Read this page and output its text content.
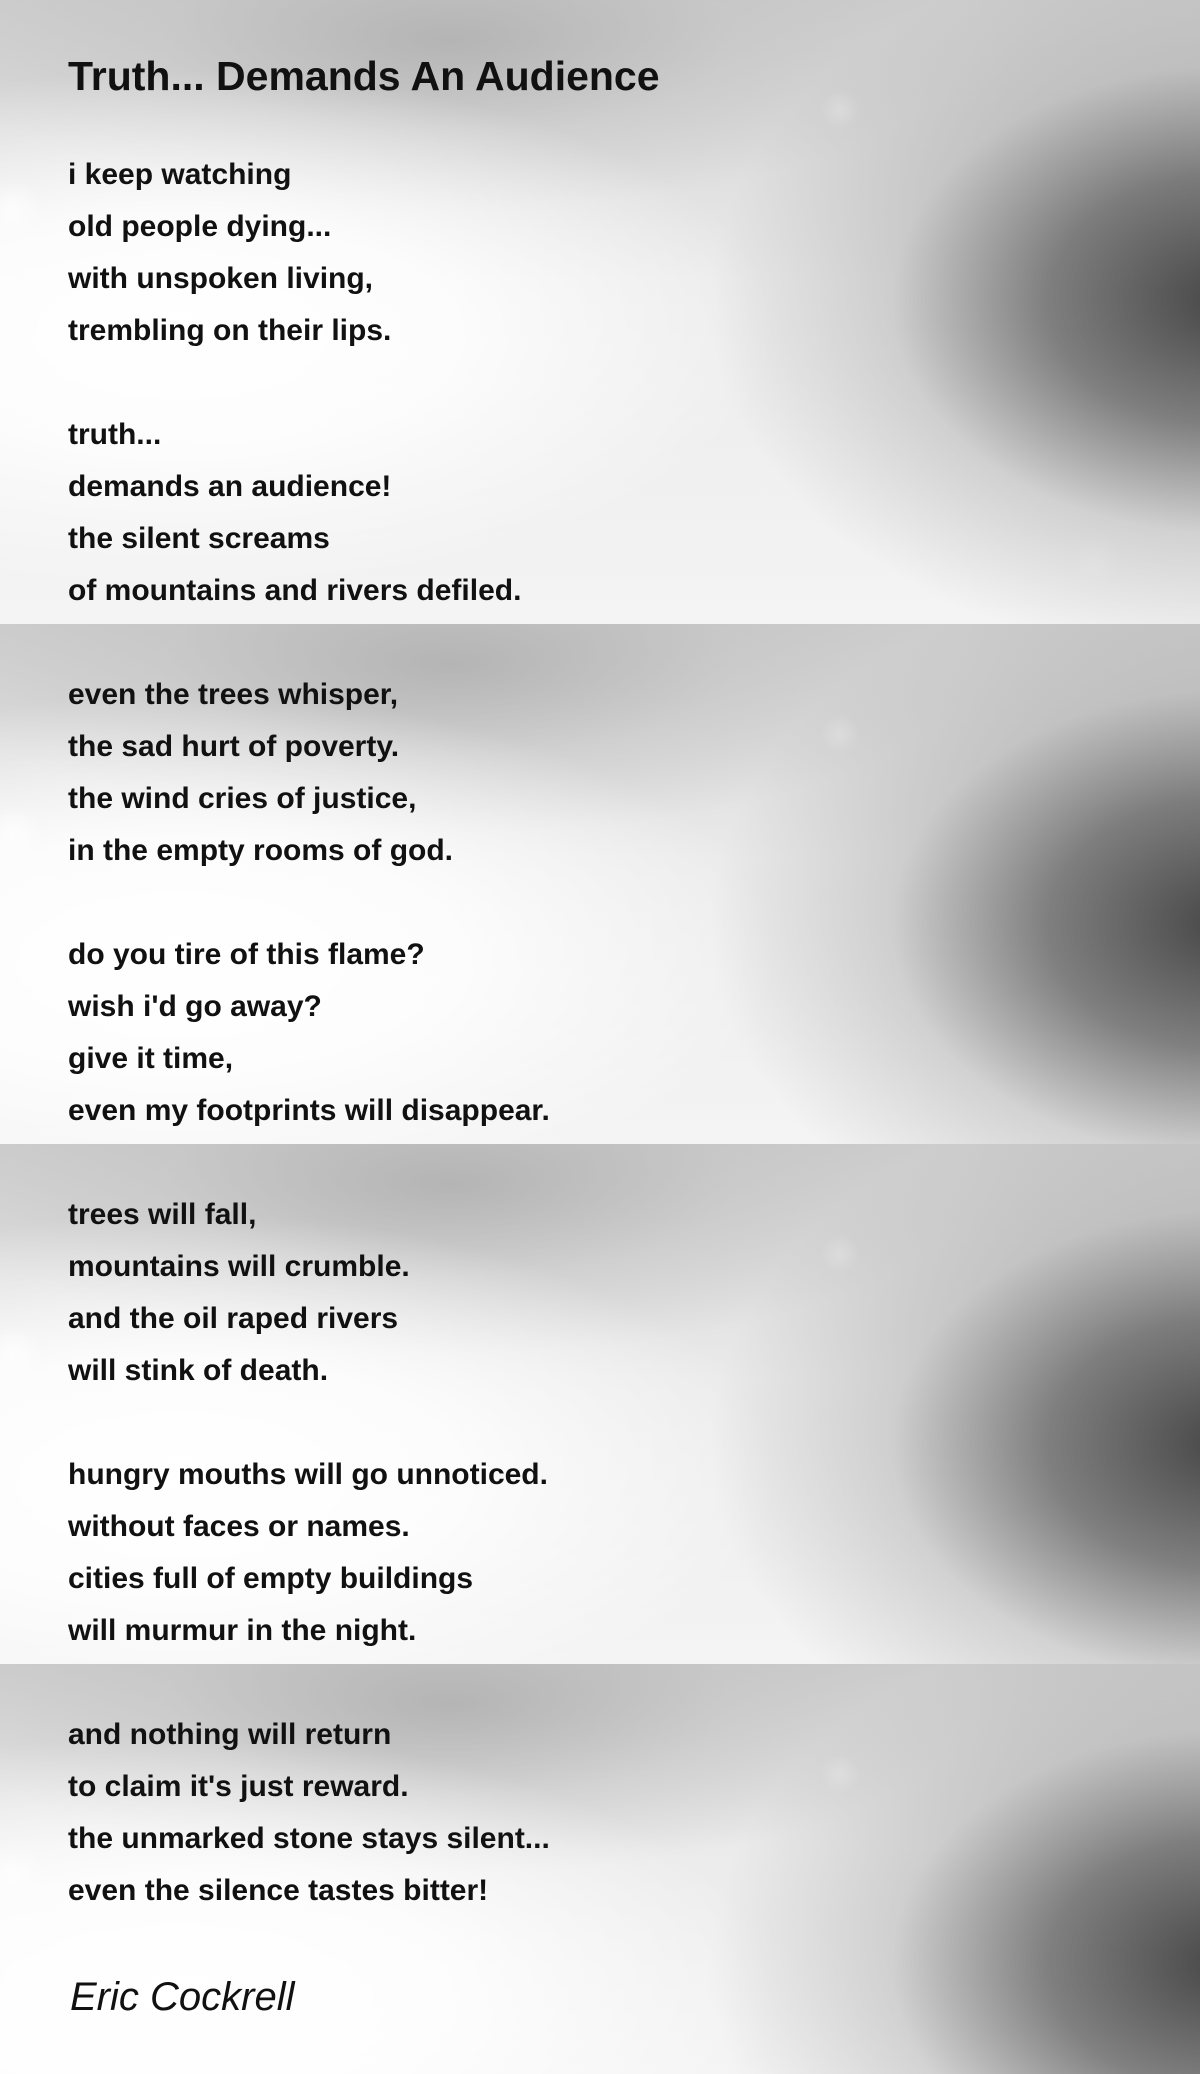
Truth... Demands An Audience
i keep watching
old people dying...
with unspoken living,
trembling on their lips.
truth...
demands an audience!
the silent screams
of mountains and rivers defiled.
even the trees whisper,
the sad hurt of poverty.
the wind cries of justice,
in the empty rooms of god.
do you tire of this flame?
wish i'd go away?
give it time,
even my footprints will disappear.
trees will fall,
mountains will crumble.
and the oil raped rivers
will stink of death.
hungry mouths will go unnoticed.
without faces or names.
cities full of empty buildings
will murmur in the night.
and nothing will return
to claim it's just reward.
the unmarked stone stays silent...
even the silence tastes bitter!
Eric Cockrell
